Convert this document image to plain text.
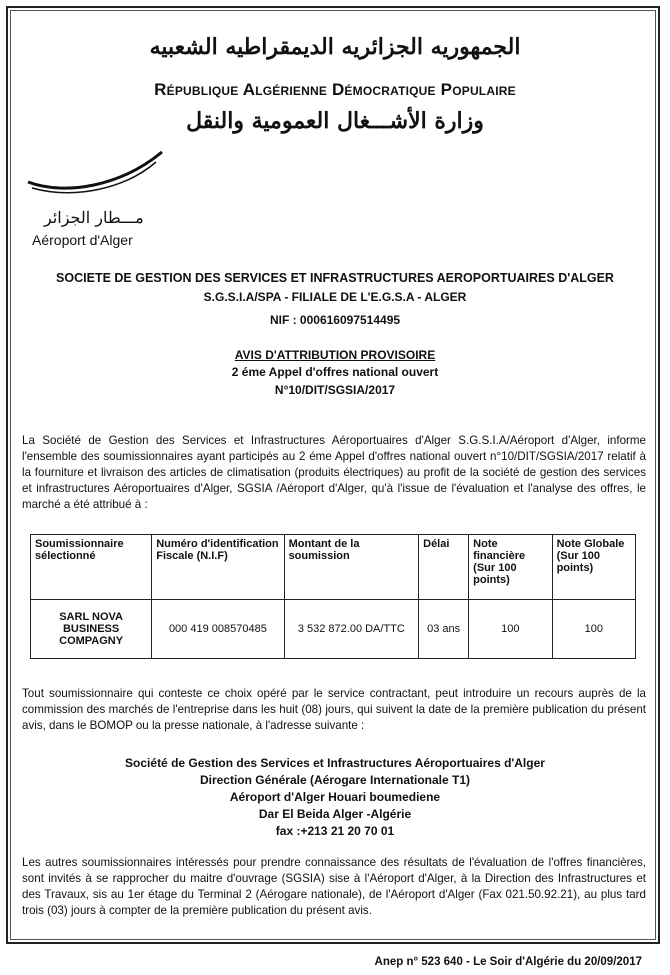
الجمهوريه الجزائريه الديمقراطيه الشعبيه
République Algérienne Démocratique Populaire
وزارة الأشـــغال العمومية والنقل
مـــطار الجزائر
Aéroport d'Alger
SOCIETE DE GESTION DES SERVICES ET INFRASTRUCTURES AEROPORTUAIRES D'ALGER
S.G.S.I.A/SPA - FILIALE DE L'E.G.S.A - ALGER
NIF : 000616097514495
AVIS D'ATTRIBUTION PROVISOIRE
2 éme Appel d'offres national ouvert
N°10/DIT/SGSIA/2017
La Société de Gestion des Services et Infrastructures Aéroportuaires d'Alger S.G.S.I.A/Aéroport d'Alger, informe l'ensemble des soumissionnaires ayant participés au 2 éme Appel d'offres national ouvert n°10/DIT/SGSIA/2017 relatif à la fourniture et livraison des articles de climatisation (produits électriques) au profit de la société de gestion des services et infrastructures Aéroportuaires d'Alger, SGSIA /Aéroport d'Alger, qu'à l'issue de l'évaluation et l'analyse des offres, le marché a été attribué à :
Soumissionnaire sélectionné	Numéro d'identification Fiscale (N.I.F)	Montant de la soumission	Délai	Note financière (Sur 100 points)	Note Globale (Sur 100 points)
SARL NOVA BUSINESS COMPAGNY	000 419 008570485	3 532 872.00 DA/TTC	03 ans	100	100
Tout soumissionnaire qui conteste ce choix opéré par le service contractant, peut introduire un recours auprès de la commission des marchés de l'entreprise dans les huit (08) jours, qui suivent la date de la première publication du présent avis, dans le BOMOP ou la presse nationale, à l'adresse suivante :
Société de Gestion des Services et Infrastructures Aéroportuaires d'Alger
Direction Générale (Aérogare Internationale T1)
Aéroport d'Alger Houari boumediene
Dar El Beida Alger -Algérie
fax :+213 21 20 70 01
Les autres soumissionnaires intéressés pour prendre connaissance des résultats de l'évaluation de l'offres financières, sont invités à se rapprocher du maitre d'ouvrage (SGSIA) sise à l'Aéroport d'Alger, à la Direction des Infrastructures et des Travaux, sis au 1er étage du Terminal 2 (Aérogare nationale), de l'Aéroport d'Alger (Fax 021.50.92.21), au plus tard trois (03) jours à compter de la première publication du présent avis.
Anep n° 523 640 - Le Soir d'Algérie du 20/09/2017
